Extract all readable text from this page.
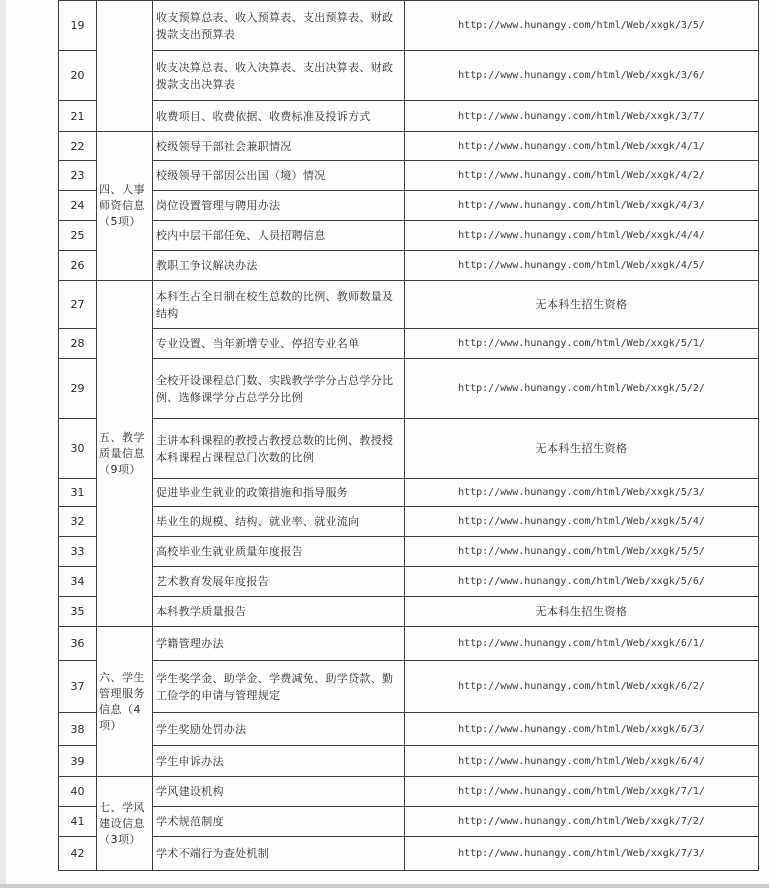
19		收支预算总表、收入预算表、支出预算表、财政拨款支出预算表	http://www.hunangy.com/html/Web/xxgk/3/5/
20		收支决算总表、收入决算表、支出决算表、财政拨款支出决算表	http://www.hunangy.com/html/Web/xxgk/3/6/
21		收费项目、收费依据、收费标准及投诉方式	http://www.hunangy.com/html/Web/xxgk/3/7/
22	四、人事师资信息（5项）	校级领导干部社会兼职情况	http://www.hunangy.com/html/Web/xxgk/4/1/
23		校级领导干部因公出国（境）情况	http://www.hunangy.com/html/Web/xxgk/4/2/
24		岗位设置管理与聘用办法	http://www.hunangy.com/html/Web/xxgk/4/3/
25		校内中层干部任免、人员招聘信息	http://www.hunangy.com/html/Web/xxgk/4/4/
26		教职工争议解决办法	http://www.hunangy.com/html/Web/xxgk/4/5/
27	五、教学质量信息（9项）	本科生占全日制在校生总数的比例、教师数量及结构	无本科生招生资格
28		专业设置、当年新增专业、停招专业名单	http://www.hunangy.com/html/Web/xxgk/5/1/
29		全校开设课程总门数、实践教学学分占总学分比例、选修课学分占总学分比例	http://www.hunangy.com/html/Web/xxgk/5/2/
30		主讲本科课程的教授占教授总数的比例、教授授本科课程占课程总门次数的比例	无本科生招生资格
31		促进毕业生就业的政策措施和指导服务	http://www.hunangy.com/html/Web/xxgk/5/3/
32		毕业生的规模、结构、就业率、就业流向	http://www.hunangy.com/html/Web/xxgk/5/4/
33		高校毕业生就业质量年度报告	http://www.hunangy.com/html/Web/xxgk/5/5/
34		艺术教育发展年度报告	http://www.hunangy.com/html/Web/xxgk/5/6/
35		本科教学质量报告	无本科生招生资格
36	六、学生管理服务信息（4项）	学籍管理办法	http://www.hunangy.com/html/Web/xxgk/6/1/
37		学生奖学金、助学金、学费减免、助学贷款、勤工俭学的申请与管理规定	http://www.hunangy.com/html/Web/xxgk/6/2/
38		学生奖励处罚办法	http://www.hunangy.com/html/Web/xxgk/6/3/
39		学生申诉办法	http://www.hunangy.com/html/Web/xxgk/6/4/
40	七、学风建设信息（3项）	学风建设机构	http://www.hunangy.com/html/Web/xxgk/7/1/
41		学术规范制度	http://www.hunangy.com/html/Web/xxgk/7/2/
42		学术不端行为查处机制	http://www.hunangy.com/html/Web/xxgk/7/3/
